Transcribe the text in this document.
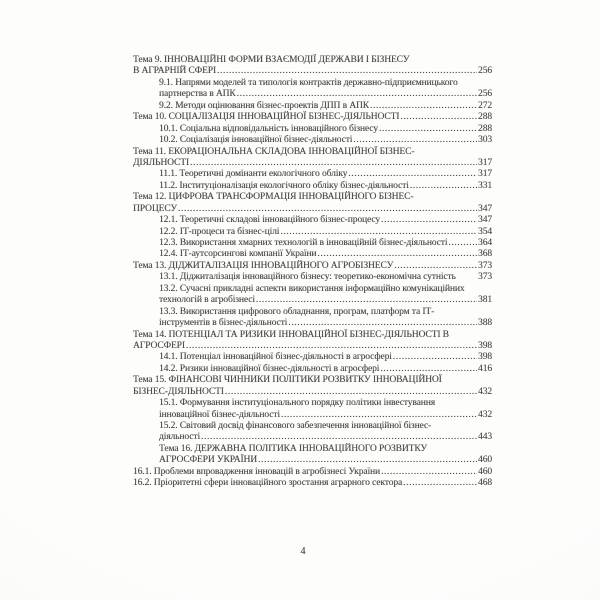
Тема 9. ІННОВАЦІЙНІ ФОРМИ ВЗАЄМОДІЇ ДЕРЖАВИ І БІЗНЕСУ
В АГРАРНІЙ СФЕРІ .....	256
9.1. Напрями моделей та типологія контрактів державно-підприємницького
партнерства в АПК .....	256
9.2. Методи оцінювання бізнес-проектів ДПП в АПК .....	272
Тема 10. СОЦІАЛІЗАЦІЯ ІННОВАЦІЙНОЇ БІЗНЕС-ДІЯЛЬНОСТІ .....	288
10.1. Соціальна відповідальність інноваційного бізнесу .....	288
10.2. Соціалізація інноваційної бізнес-діяльності .....	303
Тема 11. ЕКОРАЦІОНАЛЬНА СКЛАДОВА ІННОВАЦІЙНОЇ БІЗНЕС-
ДІЯЛЬНОСТІ .....	317
11.1. Теоретичні домінанти екологічного обліку .....	317
11.2. Інституціоналізація екологічного обліку бізнес-діяльності .....	331
Тема 12. ЦИФРОВА ТРАНСФОРМАЦІЯ ІННОВАЦІЙНОГО БІЗНЕС-
ПРОЦЕСУ .....	347
12.1. Теоретичні складові інноваційного бізнес-процесу .....	347
12.2. ІТ-процеси та бізнес-цілі .....	354
12.3. Використання хмарних технологій в інноваційній бізнес-діяльності .....	364
12.4. ІТ-аутсорсингові компанії України .....	368
Тема 13. ДІДЖИТАЛІЗАЦІЯ ІННОВАЦІЙНОГО АГРОБІЗНЕСУ .....	373
13.1. Діджиталізація інноваційного бізнесу: теоретико-економічна сутність 373
13.2. Сучасні прикладні аспекти використання інформаційно комунікаційних
технологій в агробізнесі .....	381
13.3. Використання цифрового обладнання, програм, платформ та ІТ-
інструментів в бізнес-діяльності .....	388
Тема 14. ПОТЕНЦІАЛ ТА РИЗИКИ ІННОВАЦІЙНОЇ БІЗНЕС-ДІЯЛЬНОСТІ В
АГРОСФЕРІ .....	398
14.1. Потенціал інноваційної бізнес-діяльності в агросфері .....	398
14.2. Ризики інноваційної бізнес-діяльності в агросфері .....	416
Тема 15. ФІНАНСОВІ ЧИННИКИ ПОЛІТИКИ РОЗВИТКУ ІННОВАЦІЙНОЇ
БІЗНЕС-ДІЯЛЬНОСТІ .....	432
15.1. Формування інституціонального порядку політики інвестування
інноваційної бізнес-діяльності .....	432
15.2. Світовий досвід фінансового забезпечення інноваційної бізнес-
діяльності .....	443
Тема 16. ДЕРЖАВНА ПОЛІТИКА ІННОВАЦІЙНОГО РОЗВИТКУ
АГРОСФЕРИ УКРАЇНИ .....	460
16.1. Проблеми впровадження інновацій в агробізнесі України .....	460
16.2. Пріоритетні сфери інноваційного зростання аграрного сектора .....	468
4
